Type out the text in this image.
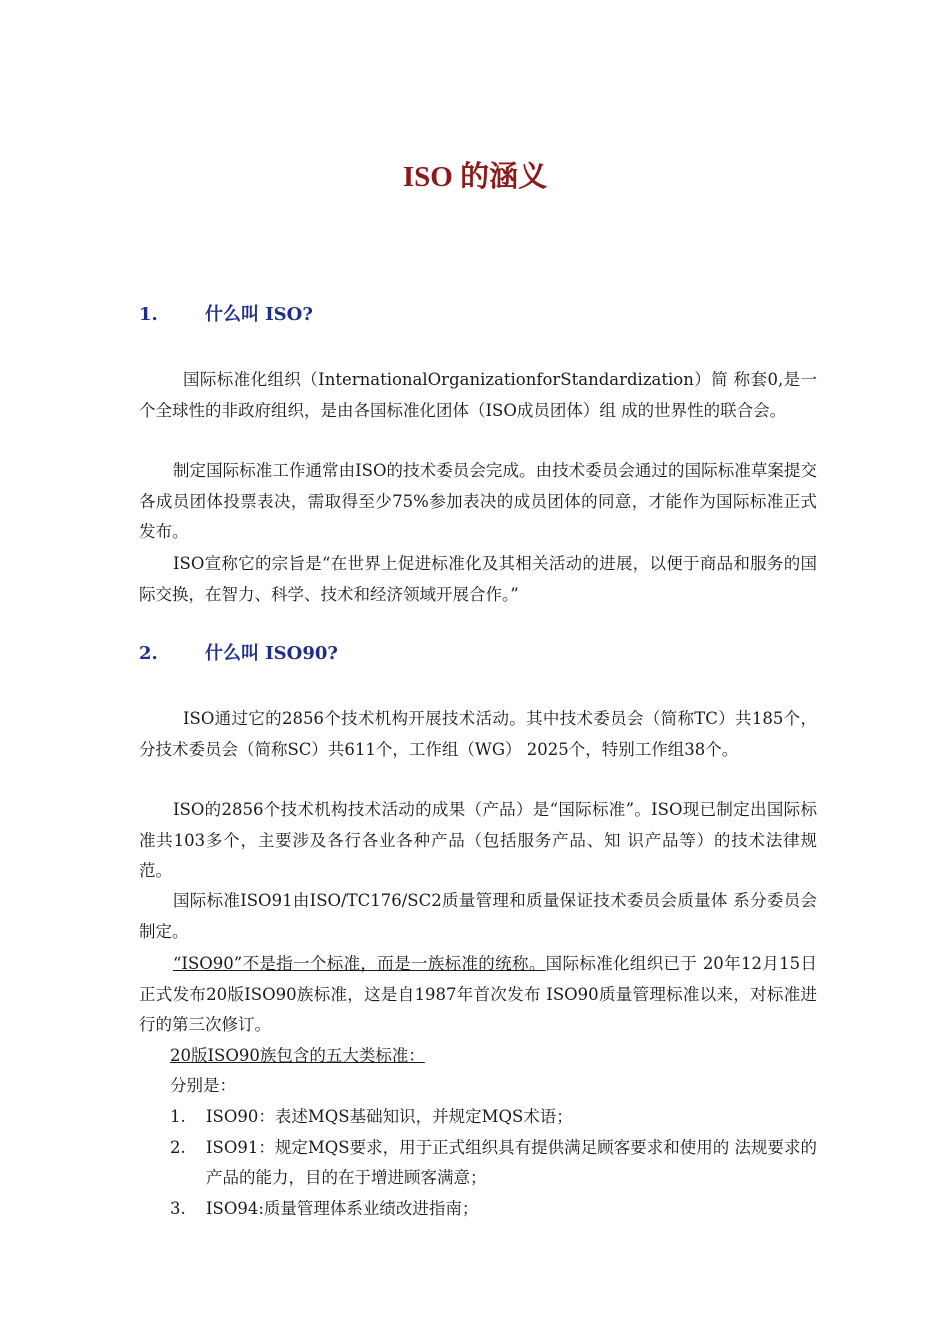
ISO 的涵义
1.	什么叫 ISO?

国际标准化组织（InternationalOrganizationforStandardization）简 称套0,是一个全球性的非政府组织，是由各国标准化团体（ISO成员团体）组 成的世界性的联合会。

制定国际标准工作通常由ISO的技术委员会完成。由技术委员会通过的国际标准草案提交各成员团体投票表决，需取得至少75%参加表决的成员团体的同意，才能作为国际标准正式发布。

ISO宣称它的宗旨是“在世界上促进标准化及其相关活动的进展，以便于商品和服务的国际交换，在智力、科学、技术和经济领域开展合作。”

2.	什么叫 ISO90?

ISO通过它的2856个技术机构开展技术活动。其中技术委员会（简称TC）共185个，分技术委员会（简称SC）共611个，工作组（WG） 2025个，特别工作组38个。

ISO的2856个技术机构技术活动的成果（产品）是“国际标准”。ISO现已制定出国际标准共103多个，主要涉及各行各业各种产品（包括服务产品、知 识产品等）的技术法律规范。

国际标准ISO91由ISO/TC176/SC2质量管理和质量保证技术委员会质量体 系分委员会制定。

“ISO90”不是指一个标准，而是一族标准的统称。国际标准化组织已于 20年12月15日正式发布20版ISO90族标准，这是自1987年首次发布 ISO90质量管理标准以来，对标准进行的第三次修订。

20版ISO90族包含的五大类标准：

分别是：

1. ISO90：表述MQS基础知识，并规定MQS术语；
2. ISO91：规定MQS要求，用于正式组织具有提供满足顾客要求和使用的 法规要求的产品的能力，目的在于增进顾客满意；
3. ISO94:质量管理体系业绩改进指南；
